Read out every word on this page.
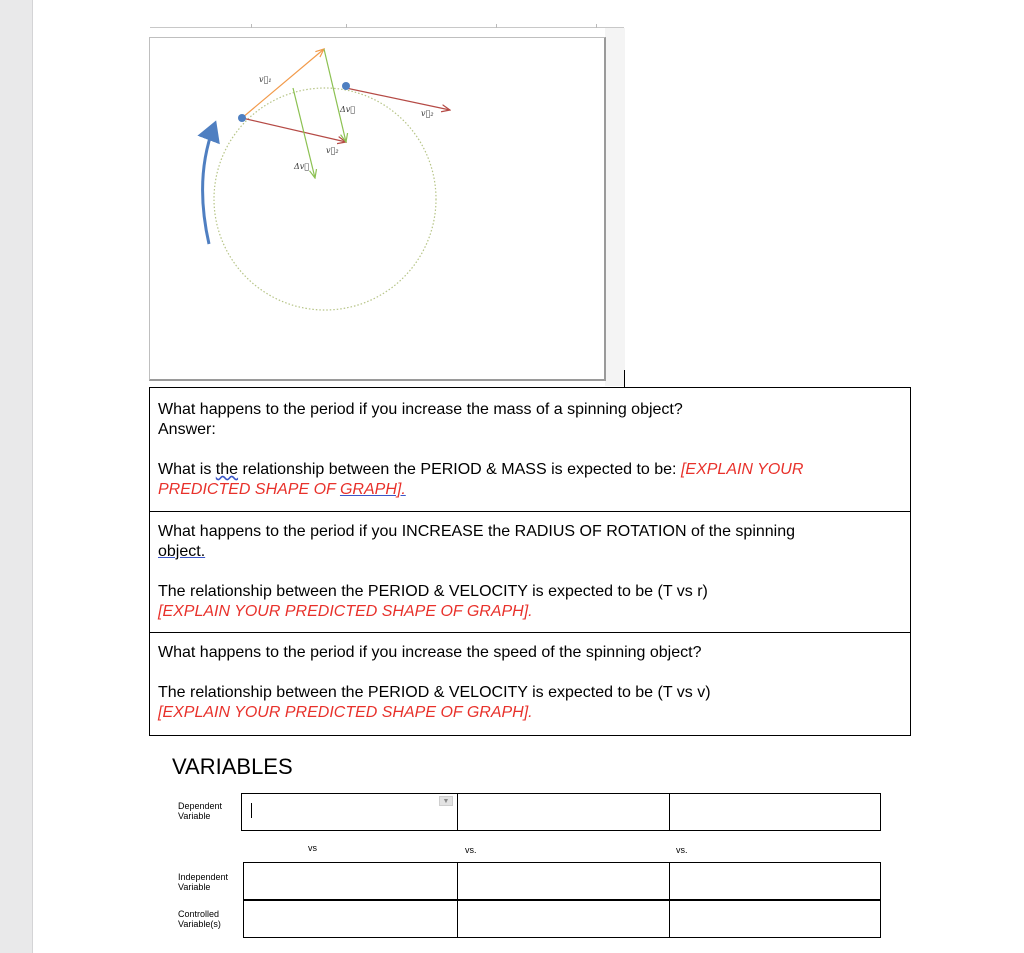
v⃗₁
Δv⃗	v⃗₂
v⃗₂
Δv⃗
What happens to the period if you increase the mass of a spinning object?
Answer:
What is the relationship between the PERIOD & MASS is expected to be: [EXPLAIN YOUR
PREDICTED SHAPE OF GRAPH].
What happens to the period if you INCREASE the RADIUS OF ROTATION of the spinning
object.
The relationship between the PERIOD & VELOCITY is expected to be (T vs r)
[EXPLAIN YOUR PREDICTED SHAPE OF GRAPH].
What happens to the period if you increase the speed of the spinning object?
The relationship between the PERIOD & VELOCITY is expected to be (T vs v)
[EXPLAIN YOUR PREDICTED SHAPE OF GRAPH].
VARIABLES
Dependent Variable
▼
vs	vs.	vs.
Independent Variable
Controlled Variable(s)
